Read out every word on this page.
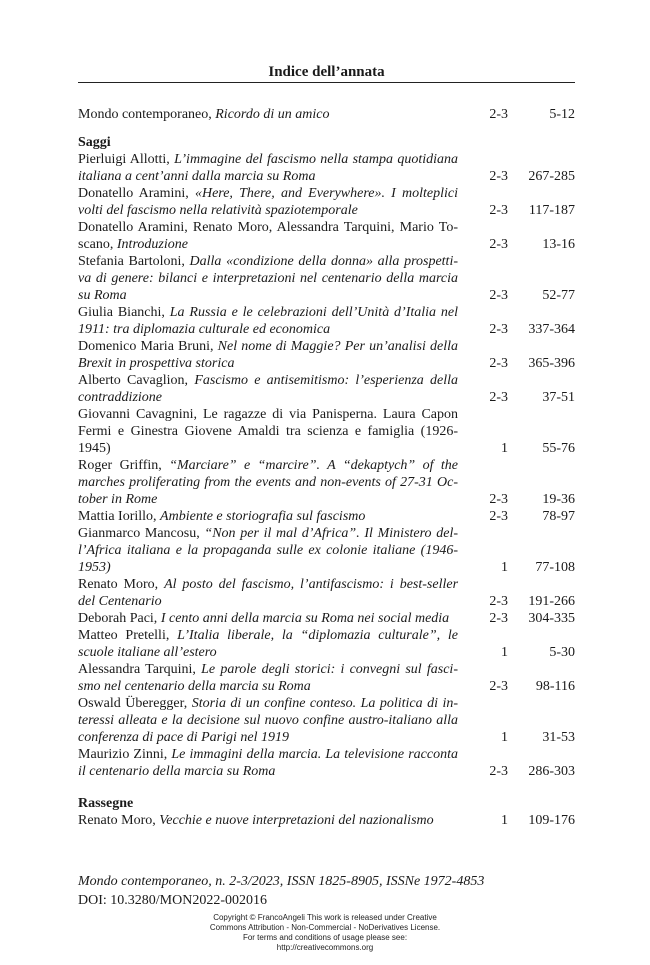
Indice dell’annata
Mondo contemporaneo, Ricordo di un amico	2-3	5-12
Saggi
Pierluigi Allotti, L’immagine del fascismo nella stampa quotidiana italiana a cent’anni dalla marcia su Roma	2-3	267-285
Donatello Aramini, «Here, There, and Everywhere». I molteplici volti del fascismo nella relatività spaziotemporale	2-3	117-187
Donatello Aramini, Renato Moro, Alessandra Tarquini, Mario To-scano, Introduzione	2-3	13-16
Stefania Bartoloni, Dalla «condizione della donna» alla prospetti-va di genere: bilanci e interpretazioni nel centenario della marcia su Roma	2-3	52-77
Giulia Bianchi, La Russia e le celebrazioni dell’Unità d’Italia nel 1911: tra diplomazia culturale ed economica	2-3	337-364
Domenico Maria Bruni, Nel nome di Maggie? Per un’analisi della Brexit in prospettiva storica	2-3	365-396
Alberto Cavaglion, Fascismo e antisemitismo: l’esperienza della contraddizione	2-3	37-51
Giovanni Cavagnini, Le ragazze di via Panisperna. Laura Capon Fermi e Ginestra Giovene Amaldi tra scienza e famiglia (1926-1945)	1	55-76
Roger Griffin, “Marciare” e “marcire”. A “dekaptych” of the marches proliferating from the events and non-events of 27-31 Oc-tober in Rome	2-3	19-36
Mattia Iorillo, Ambiente e storiografia sul fascismo	2-3	78-97
Gianmarco Mancosu, “Non per il mal d’Africa”. Il Ministero del-l’Africa italiana e la propaganda sulle ex colonie italiane (1946-1953)	1	77-108
Renato Moro, Al posto del fascismo, l’antifascismo: i best-seller del Centenario	2-3	191-266
Deborah Paci, I cento anni della marcia su Roma nei social media	2-3	304-335
Matteo Pretelli, L’Italia liberale, la “diplomazia culturale”, le scuole italiane all’estero	1	5-30
Alessandra Tarquini, Le parole degli storici: i convegni sul fasci-smo nel centenario della marcia su Roma	2-3	98-116
Oswald Überegger, Storia di un confine conteso. La politica di in-teressi alleata e la decisione sul nuovo confine austro-italiano alla conferenza di pace di Parigi nel 1919	1	31-53
Maurizio Zinni, Le immagini della marcia. La televisione racconta il centenario della marcia su Roma	2-3	286-303
Rassegne
Renato Moro, Vecchie e nuove interpretazioni del nazionalismo	1	109-176
Mondo contemporaneo, n. 2-3/2023, ISSN 1825-8905, ISSNe 1972-4853
DOI: 10.3280/MON2022-002016
Copyright © FrancoAngeli This work is released under Creative
Commons Attribution - Non-Commercial - NoDerivatives License.
For terms and conditions of usage please see:
http://creativecommons.org
